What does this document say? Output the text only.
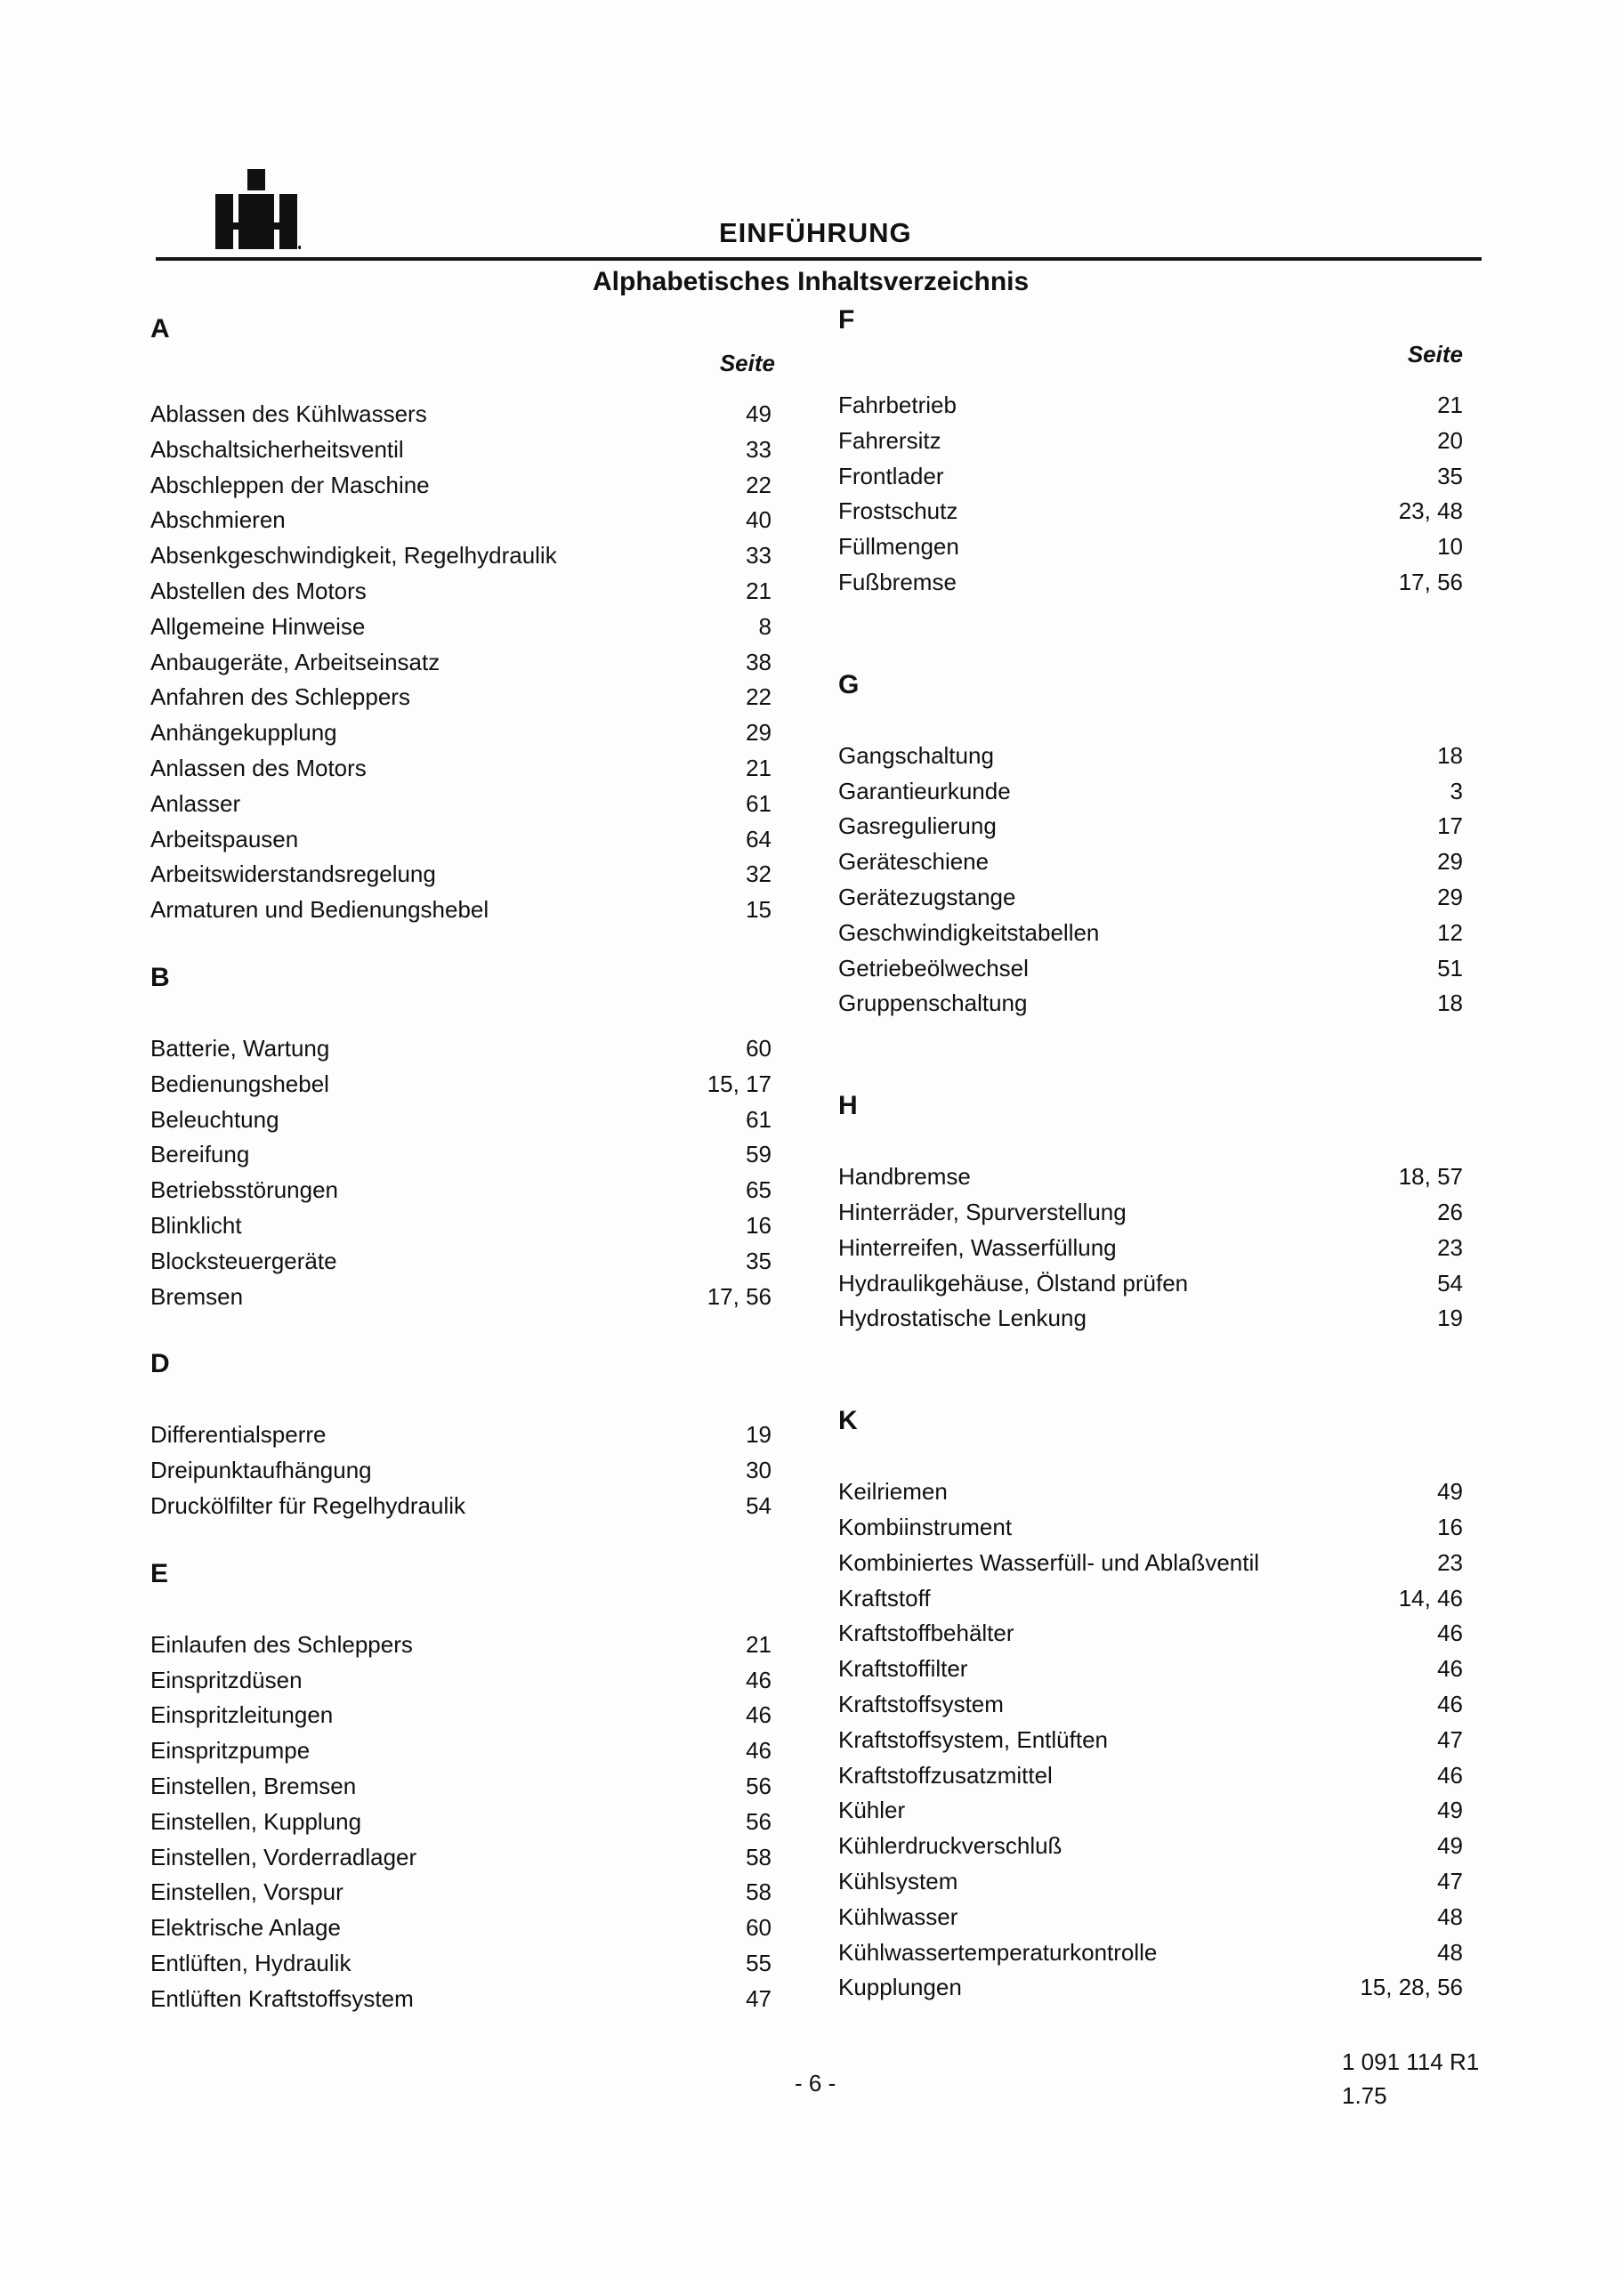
EINFÜHRUNG
Alphabetisches Inhaltsverzeichnis
A
Seite
Ablassen des Kühlwassers	49
Abschaltsicherheitsventil	33
Abschleppen der Maschine	22
Abschmieren	40
Absenkgeschwindigkeit, Regelhydraulik	33
Abstellen des Motors	21
Allgemeine Hinweise	8
Anbaugeräte, Arbeitseinsatz	38
Anfahren des Schleppers	22
Anhängekupplung	29
Anlassen des Motors	21
Anlasser	61
Arbeitspausen	64
Arbeitswiderstandsregelung	32
Armaturen und Bedienungshebel	15
B
Batterie, Wartung	60
Bedienungshebel	15, 17
Beleuchtung	61
Bereifung	59
Betriebsstörungen	65
Blinklicht	16
Blocksteuergeräte	35
Bremsen	17, 56
D
Differentialsperre	19
Dreipunktaufhängung	30
Druckölfilter für Regelhydraulik	54
E
Einlaufen des Schleppers	21
Einspritzdüsen	46
Einspritzleitungen	46
Einspritzpumpe	46
Einstellen, Bremsen	56
Einstellen, Kupplung	56
Einstellen, Vorderradlager	58
Einstellen, Vorspur	58
Elektrische Anlage	60
Entlüften, Hydraulik	55
Entlüften Kraftstoffsystem	47
F
Seite
Fahrbetrieb	21
Fahrersitz	20
Frontlader	35
Frostschutz	23, 48
Füllmengen	10
Fußbremse	17, 56
G
Gangschaltung	18
Garantieurkunde	3
Gasregulierung	17
Geräteschiene	29
Gerätezugstange	29
Geschwindigkeitstabellen	12
Getriebeölwechsel	51
Gruppenschaltung	18
H
Handbremse	18, 57
Hinterräder, Spurverstellung	26
Hinterreifen, Wasserfüllung	23
Hydraulikgehäuse, Ölstand prüfen	54
Hydrostatische Lenkung	19
K
Keilriemen	49
Kombiinstrument	16
Kombiniertes Wasserfüll- und Ablaßventil	23
Kraftstoff	14, 46
Kraftstoffbehälter	46
Kraftstoffilter	46
Kraftstoffsystem	46
Kraftstoffsystem, Entlüften	47
Kraftstoffzusatzmittel	46
Kühler	49
Kühlerdruckverschluß	49
Kühlsystem	47
Kühlwasser	48
Kühlwassertemperaturkontrolle	48
Kupplungen	15, 28, 56
- 6 -
1 091 114 R1
1.75
